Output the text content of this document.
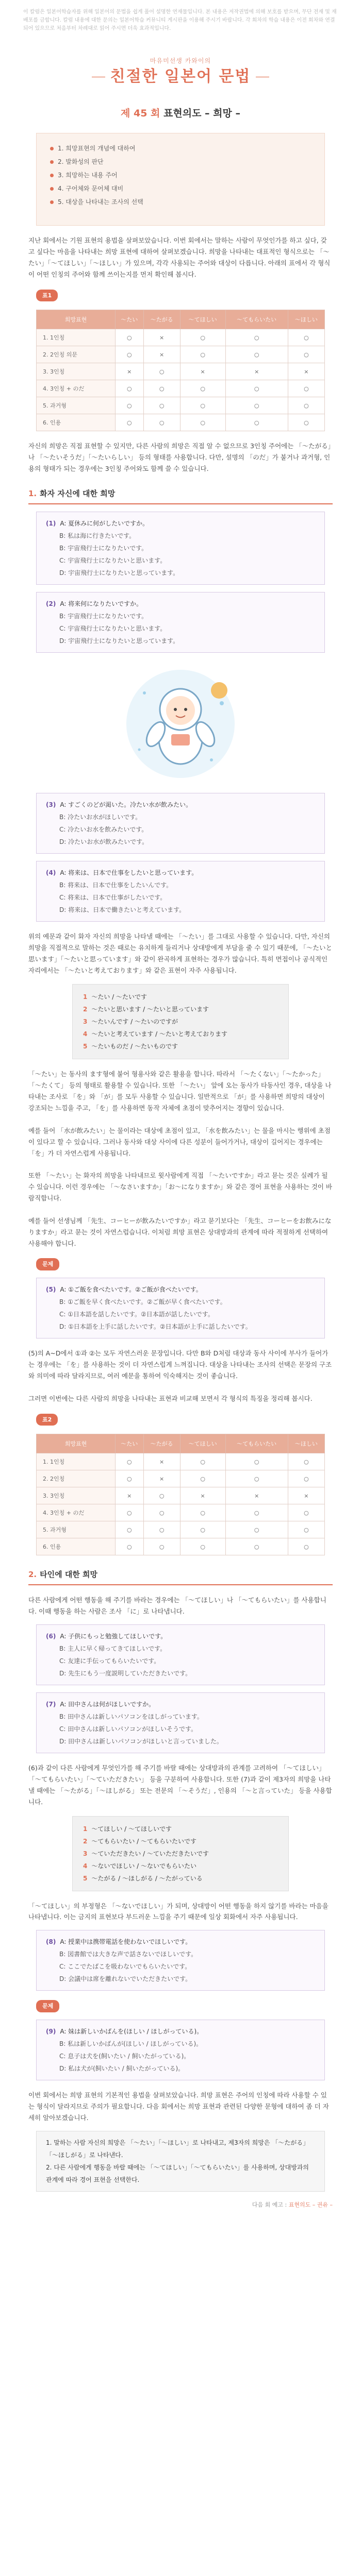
이 칼럼은 일본어학습자를 위해 일본어의 문법을 쉽게 풀어 설명한 연재물입니다. 본 내용은 저작권법에 의해 보호를 받으며, 무단 전재 및 재배포를 금합니다. 칼럼 내용에 대한 문의는 일본어학습 커뮤니티 게시판을 이용해 주시기 바랍니다. 각 회차의 학습 내용은 이전 회차와 연결되어 있으므로 처음부터 차례대로 읽어 주시면 더욱 효과적입니다.
마유미선생 카와이의
친절한 일본어 문법
제 45 회 표현의도 – 희망 –
1. 희망표현의 개념에 대하여
2. 발화성의 판단
3. 희망하는 내용 주어
4. 구어체와 문어체 대비
5. 대상을 나타내는 조사의 선택

지난 회에서는 기원 표현의 용법을 살펴보았습니다. 이번 회에서는 말하는 사람이 무엇인가를 하고 싶다, 갖고 싶다는 마음을 나타내는 희망 표현에 대하여 살펴보겠습니다. 희망을 나타내는 대표적인 형식으로는 「～たい」「～てほしい」「～ほしい」가 있으며, 각각 사용되는 주어와 대상이 다릅니다. 아래의 표에서 각 형식이 어떤 인칭의 주어와 함께 쓰이는지를 먼저 확인해 봅시다.

표1
희망표현	～たい	～たがる	～てほしい	～てもらいたい	～ほしい
1. 1인칭	○	×	○	○	○
2. 2인칭 의문	○	×	○	○	○
3. 3인칭	×	○	×	×	×
4. 3인칭 + のだ	○	○	○	○	○
5. 과거형	○	○	○	○	○
6. 인용	○	○	○	○	○

자신의 희망은 직접 표현할 수 있지만, 다른 사람의 희망은 직접 알 수 없으므로 3인칭 주어에는 「～たがる」나 「～たいそうだ」「～たいらしい」 등의 형태를 사용합니다. 다만, 설명의 「のだ」가 붙거나 과거형, 인용의 형태가 되는 경우에는 3인칭 주어와도 함께 쓸 수 있습니다.

1. 화자 자신에 대한 희망
(1) A: 夏休みに何がしたいですか。
B: 私は海に行きたいです。
B: 宇宙飛行士になりたいです。
C: 宇宙飛行士になりたいと思います。
D: 宇宙飛行士になりたいと思っています。
(2) A: 将来何になりたいですか。
B: 宇宙飛行士になりたいです。
C: 宇宙飛行士になりたいと思います。
D: 宇宙飛行士になりたいと思っています。
(3) A: すごくのどが渇いた。冷たい水が飲みたい。
B: 冷たいお水がほしいです。
C: 冷たいお水を飲みたいです。
D: 冷たいお水が飲みたいです。
(4) A: 将来は、日本で仕事をしたいと思っています。
B: 将来は、日本で仕事をしたいんです。
C: 将来は、日本で仕事がしたいです。
D: 将来は、日本で働きたいと考えています。

위의 예문과 같이 화자 자신의 희망을 나타낼 때에는 「～たい」를 그대로 사용할 수 있습니다. 다만, 자신의 희망을 직접적으로 말하는 것은 때로는 유치하게 들리거나 상대방에게 부담을 줄 수 있기 때문에, 「～たいと思います」「～たいと思っています」와 같이 완곡하게 표현하는 경우가 많습니다. 특히 면접이나 공식적인 자리에서는 「～たいと考えております」와 같은 표현이 자주 사용됩니다.

1 ～たい / ～たいです
2 ～たいと思います / ～たいと思っています
3 ～たいんです / ～たいのですが
4 ～たいと考えています / ～たいと考えております
5 ～たいものだ / ～たいものです

「～たい」는 동사의 ます형에 붙어 형용사와 같은 활용을 합니다. 따라서 「～たくない」「～たかった」「～たくて」 등의 형태로 활용할 수 있습니다. 또한 「～たい」 앞에 오는 동사가 타동사인 경우, 대상을 나타내는 조사로 「を」와 「が」를 모두 사용할 수 있습니다. 일반적으로 「が」를 사용하면 희망의 대상이 강조되는 느낌을 주고, 「を」를 사용하면 동작 자체에 초점이 맞추어지는 경향이 있습니다.

예를 들어 「水が飲みたい」는 물이라는 대상에 초점이 있고, 「水を飲みたい」는 물을 마시는 행위에 초점이 있다고 할 수 있습니다. 그러나 동사와 대상 사이에 다른 성분이 들어가거나, 대상이 길어지는 경우에는 「を」가 더 자연스럽게 사용됩니다.

또한 「～たい」는 화자의 희망을 나타내므로 윗사람에게 직접 「～たいですか」라고 묻는 것은 실례가 될 수 있습니다. 이런 경우에는 「～なさいますか」「お～になりますか」와 같은 경어 표현을 사용하는 것이 바람직합니다.

예를 들어 선생님께 「先生、コーヒーが飲みたいですか」라고 묻기보다는 「先生、コーヒーをお飲みになりますか」라고 묻는 것이 자연스럽습니다. 이처럼 희망 표현은 상대방과의 관계에 따라 적절하게 선택하여 사용해야 합니다.

문제
(5) A: ①ご飯を食べたいです。②ご飯が食べたいです。
B: ①ご飯を早く食べたいです。②ご飯が早く食べたいです。
C: ①日本語を話したいです。②日本語が話したいです。
D: ①日本語を上手に話したいです。②日本語が上手に話したいです。

(5)의 A~D에서 ①과 ②는 모두 자연스러운 문장입니다. 다만 B와 D처럼 대상과 동사 사이에 부사가 들어가는 경우에는 「を」를 사용하는 것이 더 자연스럽게 느껴집니다. 대상을 나타내는 조사의 선택은 문장의 구조와 의미에 따라 달라지므로, 여러 예문을 통하여 익숙해지는 것이 좋습니다.

그러면 이번에는 다른 사람의 희망을 나타내는 표현과 비교해 보면서 각 형식의 특징을 정리해 봅시다.

표2
희망표현	～たい	～たがる	～てほしい	～てもらいたい	～ほしい
1. 1인칭	○	×	○	○	○
2. 2인칭	○	×	○	○	○
3. 3인칭	×	○	×	×	×
4. 3인칭 + のだ	○	○	○	○	○
5. 과거형	○	○	○	○	○
6. 인용	○	○	○	○	○
2. 타인에 대한 희망

다른 사람에게 어떤 행동을 해 주기를 바라는 경우에는 「～てほしい」나 「～てもらいたい」를 사용합니다. 이때 행동을 하는 사람은 조사 「に」로 나타냅니다.

(6) A: 子供にもっと勉強してほしいです。
B: 主人に早く帰ってきてほしいです。
C: 友達に手伝ってもらいたいです。
D: 先生にもう一度説明していただきたいです。
(7) A: 田中さんは何がほしいですか。
B: 田中さんは新しいパソコンをほしがっています。
C: 田中さんは新しいパソコンがほしいそうです。
D: 田中さんは新しいパソコンがほしいと言っていました。

(6)과 같이 다른 사람에게 무엇인가를 해 주기를 바랄 때에는 상대방과의 관계를 고려하여 「～てほしい」「～てもらいたい」「～ていただきたい」 등을 구분하여 사용합니다. 또한 (7)과 같이 제3자의 희망을 나타낼 때에는 「～たがる」「～ほしがる」 또는 전문의 「～そうだ」, 인용의 「～と言っていた」 등을 사용합니다.

1 ～てほしい / ～てほしいです
2 ～てもらいたい / ～てもらいたいです
3 ～ていただきたい / ～ていただきたいです
4 ～ないでほしい / ～ないでもらいたい
5 ～たがる / ～ほしがる / ～たがっている

「～てほしい」의 부정형은 「～ないでほしい」가 되며, 상대방이 어떤 행동을 하지 않기를 바라는 마음을 나타냅니다. 이는 금지의 표현보다 부드러운 느낌을 주기 때문에 일상 회화에서 자주 사용됩니다.

(8) A: 授業中は携帯電話を使わないでほしいです。
B: 図書館では大きな声で話さないでほしいです。
C: ここでたばこを吸わないでもらいたいです。
D: 会議中は席を離れないでいただきたいです。
문제
(9) A: 妹は新しいかばんを(ほしい / ほしがっている)。
B: 私は新しいかばんが(ほしい / ほしがっている)。
C: 息子は犬を(飼いたい / 飼いたがっている)。
D: 私は犬が(飼いたい / 飼いたがっている)。

이번 회에서는 희망 표현의 기본적인 용법을 살펴보았습니다. 희망 표현은 주어의 인칭에 따라 사용할 수 있는 형식이 달라지므로 주의가 필요합니다. 다음 회에서는 희망 표현과 관련된 다양한 문형에 대하여 좀 더 자세히 알아보겠습니다.

1. 말하는 사람 자신의 희망은 「～たい」「～ほしい」로 나타내고, 제3자의 희망은 「～たがる」「～ほしがる」로 나타낸다.
2. 다른 사람에게 행동을 바랄 때에는 「～てほしい」「～てもらいたい」를 사용하며, 상대방과의 관계에 따라 경어 표현을 선택한다.
다음 회 예고 : 표현의도 – 권유 –
